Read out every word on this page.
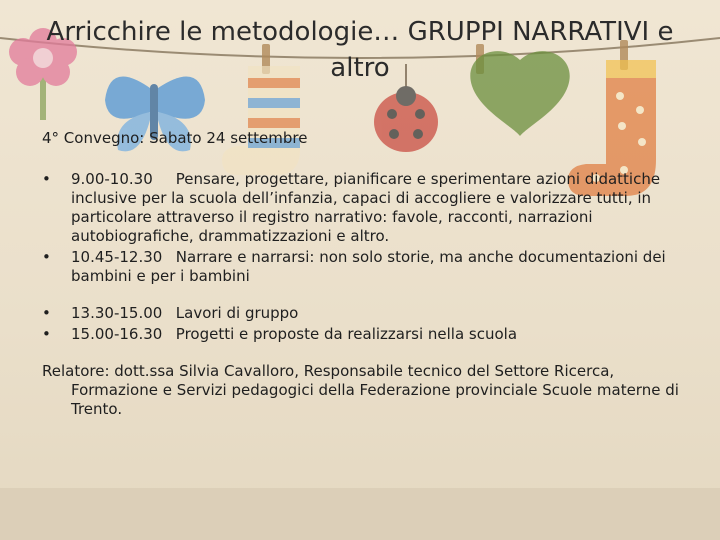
Arricchire le metodologie… GRUPPI NARRATIVI e altro

4° Convegno: Sabato 24 settembre

• 9.00-10.30 Pensare, progettare, pianificare e sperimentare azioni didattiche inclusive per la scuola dell’infanzia, capaci di accogliere e valorizzare tutti, in particolare attraverso il registro narrativo: favole, racconti, narrazioni autobiografiche, drammatizzazioni e altro.
• 10.45-12.30 Narrare e narrarsi: non solo storie, ma anche documentazioni dei bambini e per i bambini
• 13.30-15.00 Lavori di gruppo
• 15.00-16.30 Progetti e proposte da realizzarsi nella scuola

Relatore: dott.ssa Silvia Cavalloro, Responsabile tecnico del Settore Ricerca, Formazione e Servizi pedagogici della Federazione provinciale Scuole materne di Trento.
